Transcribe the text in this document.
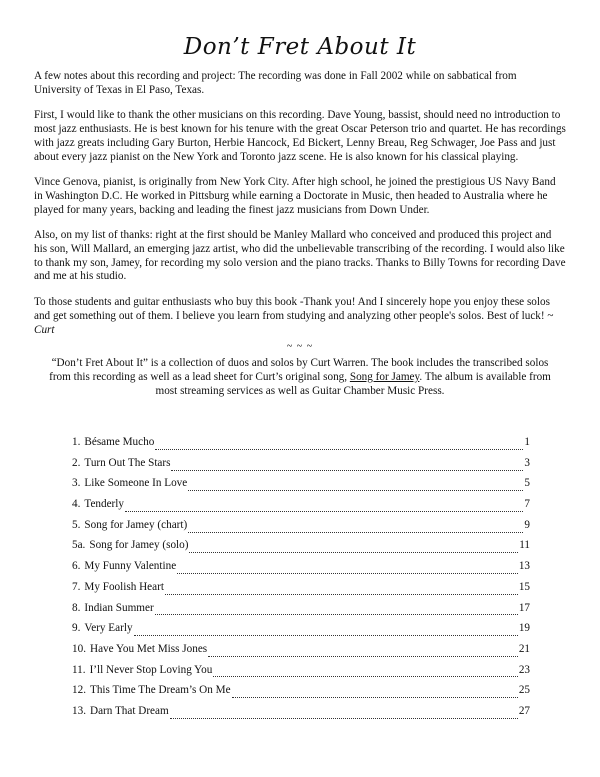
Don’t Fret About It

A few notes about this recording and project: The recording was done in Fall 2002 while on sabbatical from University of Texas in El Paso, Texas.

First, I would like to thank the other musicians on this recording. Dave Young, bassist, should need no introduction to most jazz enthusiasts. He is best known for his tenure with the great Oscar Peterson trio and quartet. He has recordings with jazz greats including Gary Burton, Herbie Hancock, Ed Bickert, Lenny Breau, Reg Schwager, Joe Pass and just about every jazz pianist on the New York and Toronto jazz scene. He is also known for his classical playing.

Vince Genova, pianist, is originally from New York City. After high school, he joined the prestigious US Navy Band in Washington D.C. He worked in Pittsburg while earning a Doctorate in Music, then headed to Australia where he played for many years, backing and leading the finest jazz musicians from Down Under.

Also, on my list of thanks: right at the first should be Manley Mallard who conceived and produced this project and his son, Will Mallard, an emerging jazz artist, who did the unbelievable transcribing of the recording. I would also like to thank my son, Jamey, for recording my solo version and the piano tracks. Thanks to Billy Towns for recording Dave and me at his studio.

To those students and guitar enthusiasts who buy this book -Thank you! And I sincerely hope you enjoy these solos and get something out of them. I believe you learn from studying and analyzing other people's solos. Best of luck! ~ Curt

~ ~ ~
“Don’t Fret About It” is a collection of duos and solos by Curt Warren. The book includes the transcribed solos from this recording as well as a lead sheet for Curt’s original song, Song for Jamey. The album is available from most streaming services as well as Guitar Chamber Music Press.
1. Bésame Mucho	1
2. Turn Out The Stars	3
3. Like Someone In Love	5
4. Tenderly	7
5. Song for Jamey (chart)	9
5a. Song for Jamey (solo)	11
6. My Funny Valentine	13
7. My Foolish Heart	15
8. Indian Summer	17
9. Very Early	19
10. Have You Met Miss Jones	21
11. I’ll Never Stop Loving You	23
12. This Time The Dream’s On Me	25
13. Darn That Dream	27
